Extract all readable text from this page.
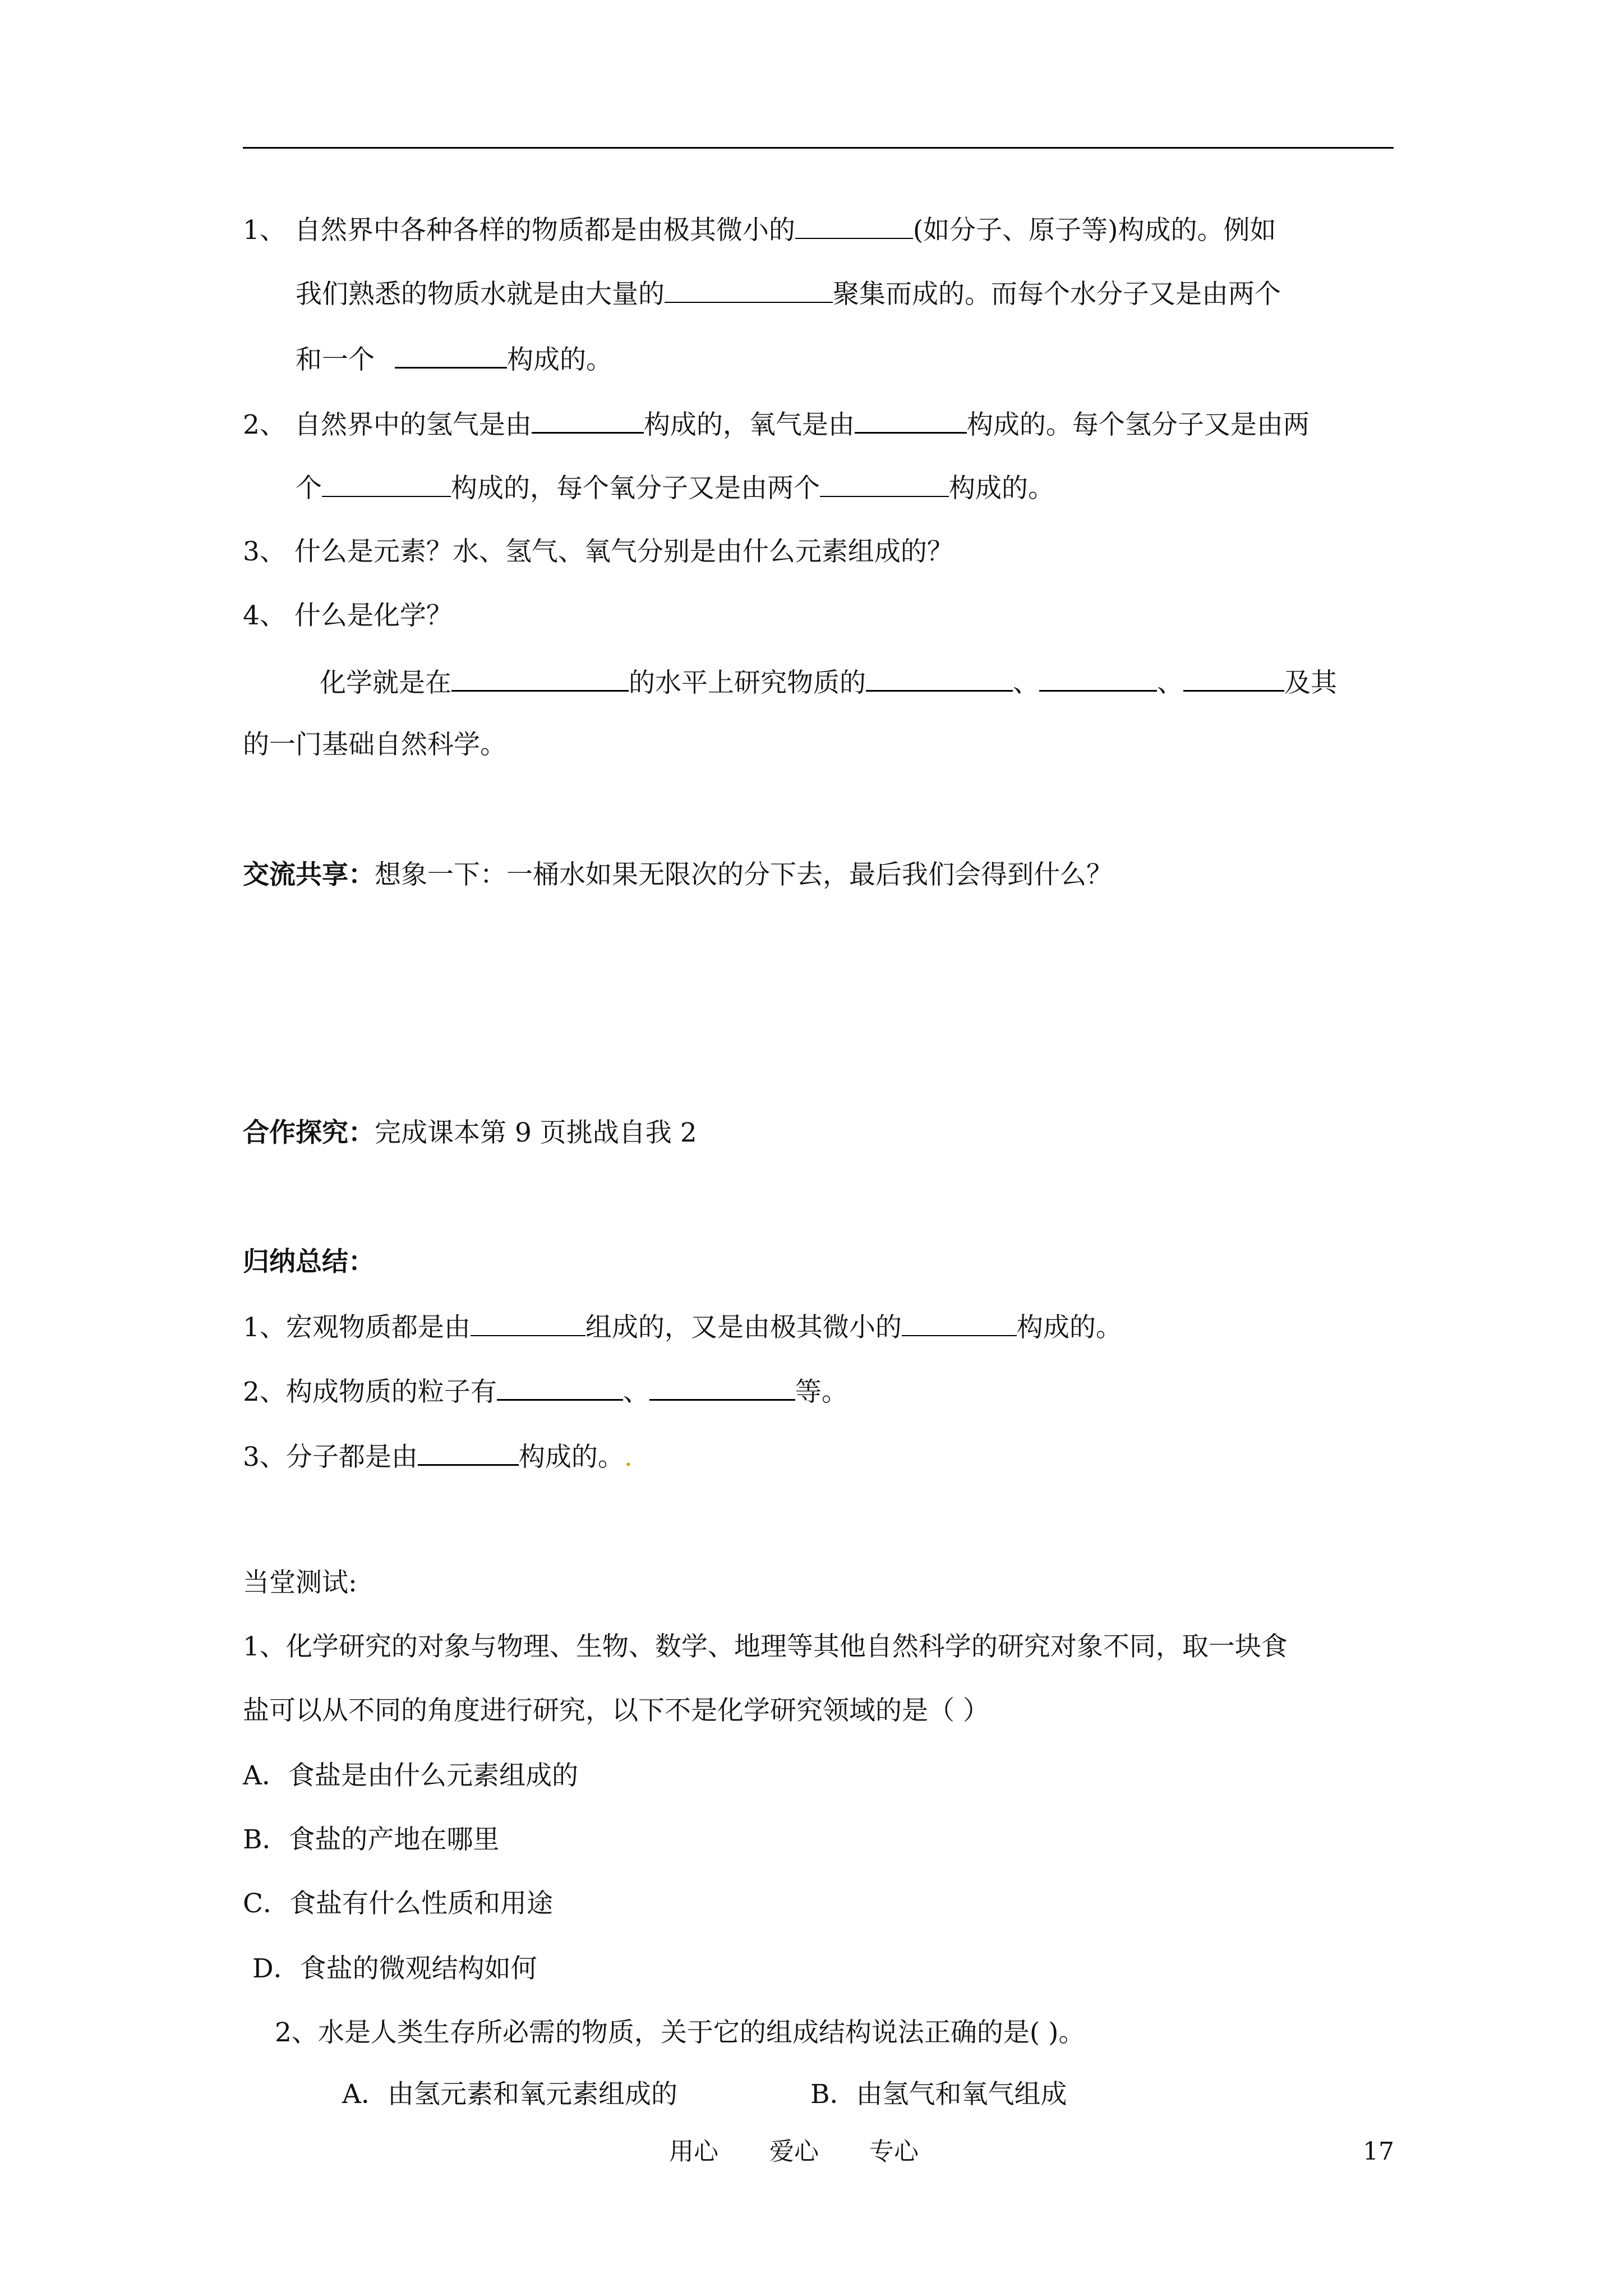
1、 自然界中各种各样的物质都是由极其微小的	(如分子、原子等)构成的。例如
我们熟悉的物质水就是由大量的	聚集而成的。而每个水分子又是由两个
和一个	构成的。
2、 自然界中的氢气是由	构成的，氧气是由	构成的。每个氢分子又是由两
个	构成的，每个氧分子又是由两个	构成的。
3、 什么是元素？水、氢气、氧气分别是由什么元素组成的？
4、 什么是化学？
化学就是在	的水平上研究物质的	、	、	及其
的一门基础自然科学。
交流共享：想象一下：一桶水如果无限次的分下去，最后我们会得到什么？
合作探究：完成课本第 9 页挑战自我 2
归纳总结：
1、宏观物质都是由	组成的，又是由极其微小的	构成的。
2、构成物质的粒子有	、	等。
3、分子都是由	构成的。.
当堂测试:
1、化学研究的对象与物理、生物、数学、地理等其他自然科学的研究对象不同，取一块食
盐可以从不同的角度进行研究，以下不是化学研究领域的是（ ）
A．食盐是由什么元素组成的
B．食盐的产地在哪里
C．食盐有什么性质和用途
D．食盐的微观结构如何
2、水是人类生存所必需的物质，关于它的组成结构说法正确的是( )。
A．由氢元素和氧元素组成的	B．由氢气和氧气组成
用心 爱心 专心	17
